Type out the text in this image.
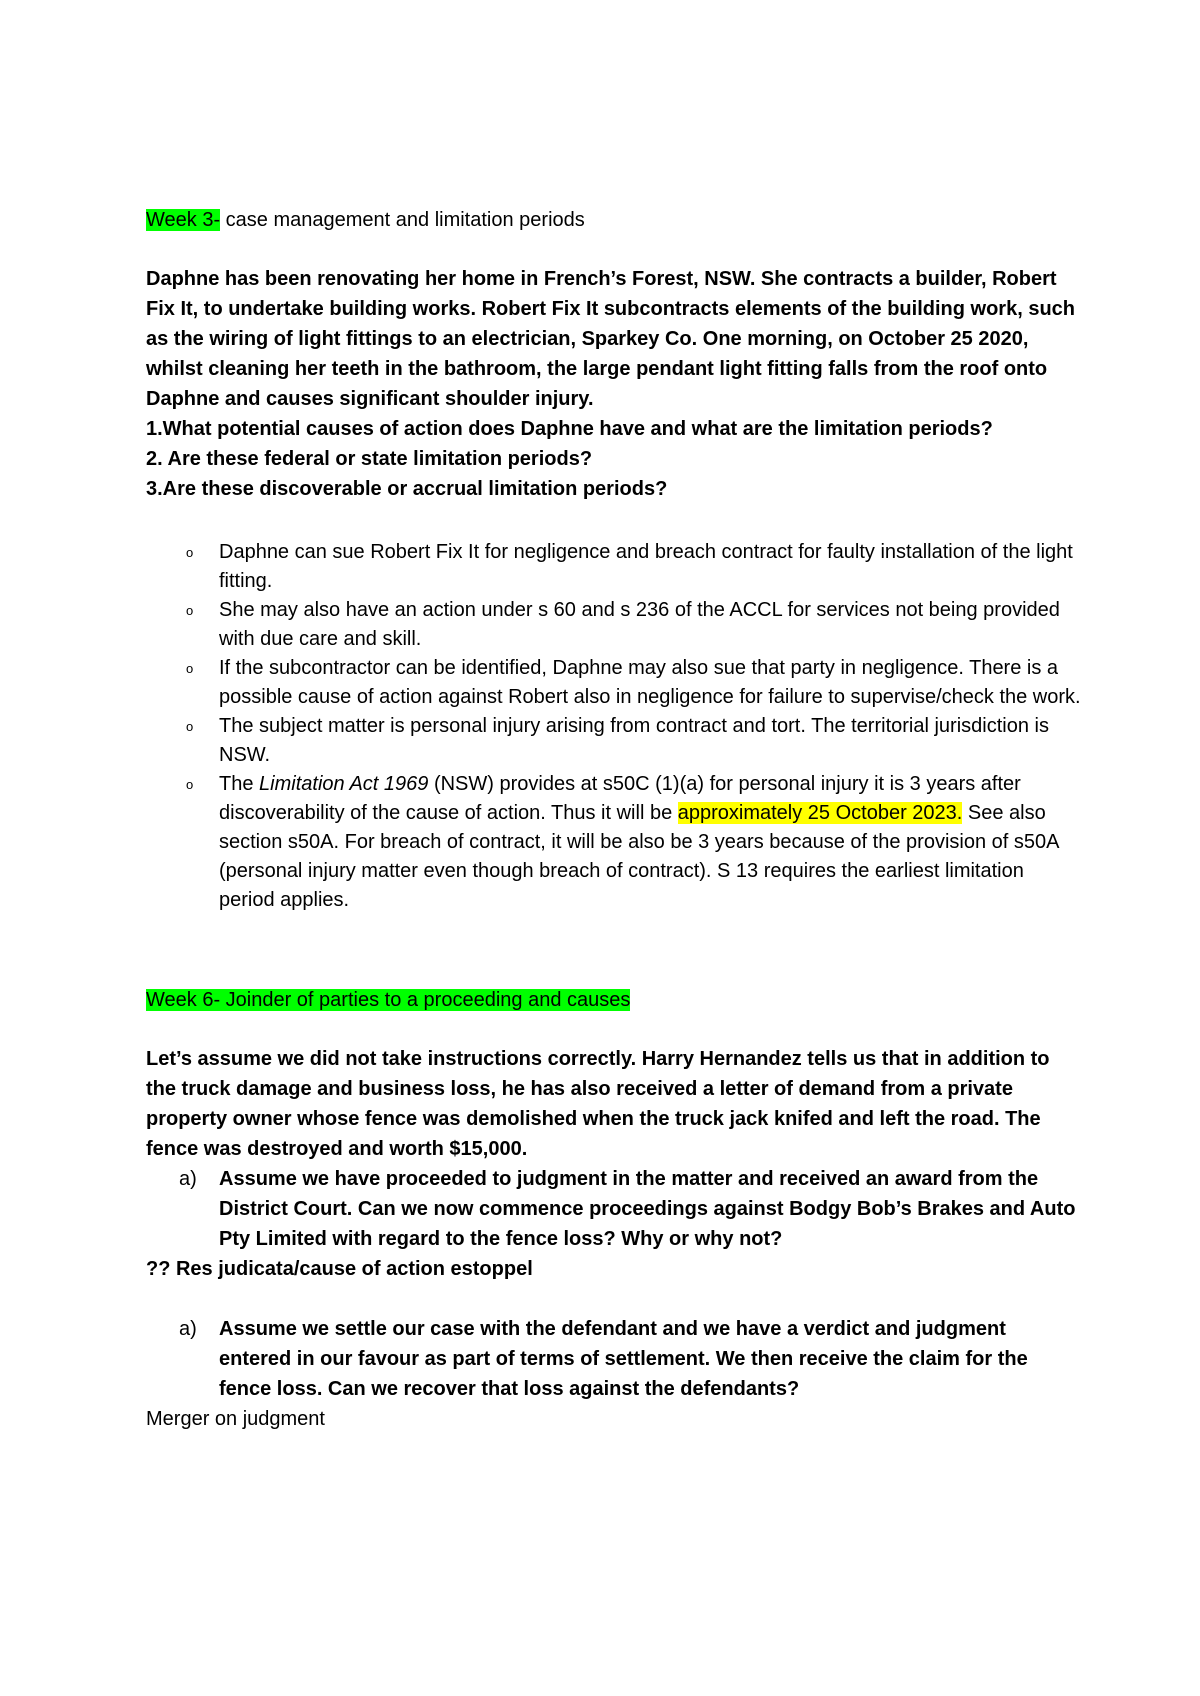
Week 3- case management and limitation periods

Daphne has been renovating her home in French’s Forest, NSW. She contracts a builder, Robert Fix It, to undertake building works. Robert Fix It subcontracts elements of the building work, such as the wiring of light fittings to an electrician, Sparkey Co. One morning, on October 25 2020, whilst cleaning her teeth in the bathroom, the large pendant light fitting falls from the roof onto Daphne and causes significant shoulder injury.

1.What potential causes of action does Daphne have and what are the limitation periods?

2. Are these federal or state limitation periods?

3.Are these discoverable or accrual limitation periods?

o Daphne can sue Robert Fix It for negligence and breach contract for faulty installation of the light fitting.
o She may also have an action under s 60 and s 236 of the ACCL for services not being provided with due care and skill.
o If the subcontractor can be identified, Daphne may also sue that party in negligence. There is a possible cause of action against Robert also in negligence for failure to supervise/check the work.
o The subject matter is personal injury arising from contract and tort. The territorial jurisdiction is NSW.
o The Limitation Act 1969 (NSW) provides at s50C (1)(a) for personal injury it is 3 years after discoverability of the cause of action. Thus it will be approximately 25 October 2023. See also section s50A. For breach of contract, it will be also be 3 years because of the provision of s50A (personal injury matter even though breach of contract). S 13 requires the earliest limitation period applies.

Week 6- Joinder of parties to a proceeding and causes

Let’s assume we did not take instructions correctly. Harry Hernandez tells us that in addition to the truck damage and business loss, he has also received a letter of demand from a private property owner whose fence was demolished when the truck jack knifed and left the road. The fence was destroyed and worth $15,000.

a) Assume we have proceeded to judgment in the matter and received an award from the District Court. Can we now commence proceedings against Bodgy Bob’s Brakes and Auto Pty Limited with regard to the fence loss? Why or why not?

?? Res judicata/cause of action estoppel

a) Assume we settle our case with the defendant and we have a verdict and judgment entered in our favour as part of terms of settlement. We then receive the claim for the fence loss. Can we recover that loss against the defendants?

Merger on judgment
